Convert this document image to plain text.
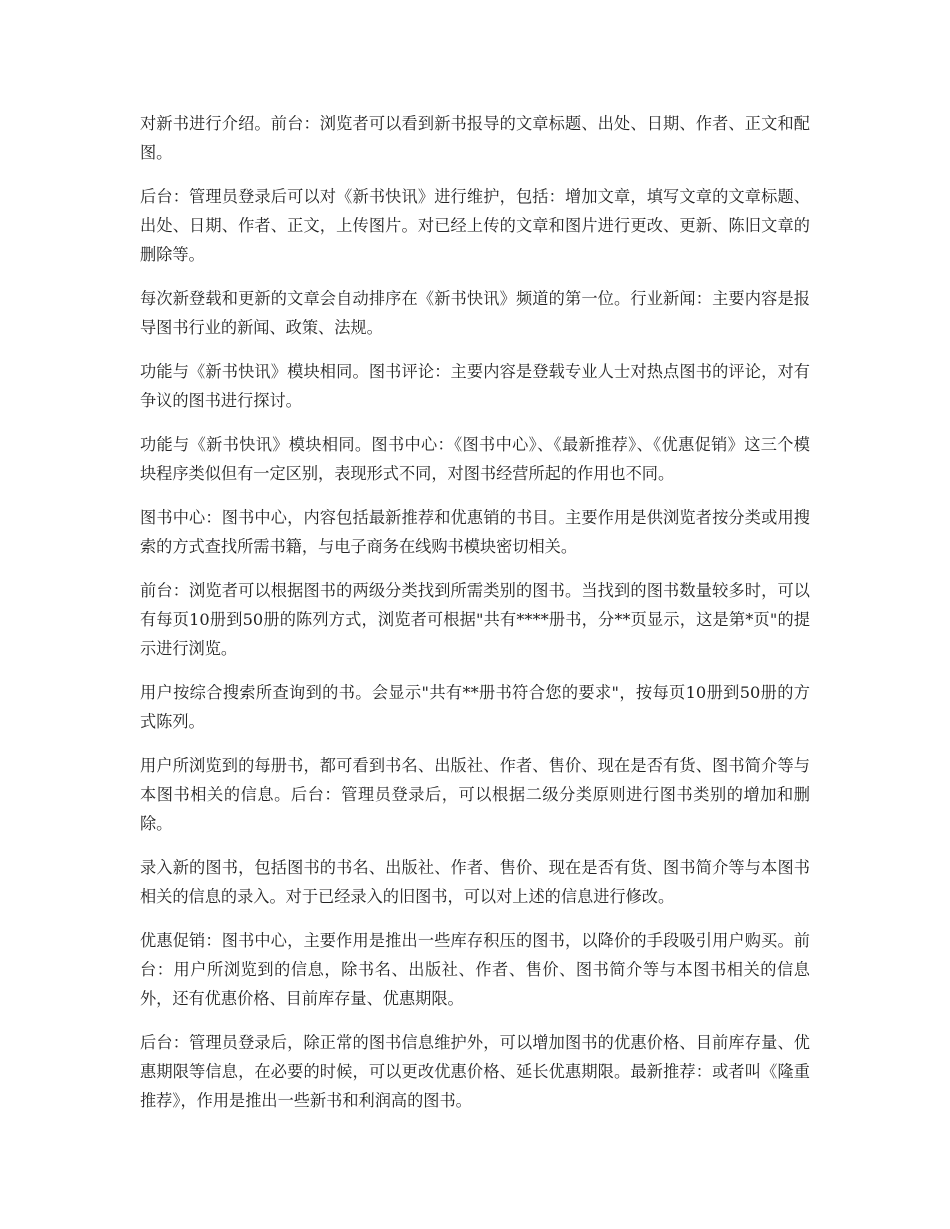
对新书进行介绍。前台：浏览者可以看到新书报导的文章标题、出处、日期、作者、正文和配图。

后台：管理员登录后可以对《新书快讯》进行维护，包括：增加文章，填写文章的文章标题、出处、日期、作者、正文，上传图片。对已经上传的文章和图片进行更改、更新、陈旧文章的删除等。

每次新登载和更新的文章会自动排序在《新书快讯》频道的第一位。行业新闻：主要内容是报导图书行业的新闻、政策、法规。

功能与《新书快讯》模块相同。图书评论：主要内容是登载专业人士对热点图书的评论，对有争议的图书进行探讨。

功能与《新书快讯》模块相同。图书中心：《图书中心》、《最新推荐》、《优惠促销》这三个模块程序类似但有一定区别，表现形式不同，对图书经营所起的作用也不同。

图书中心：图书中心，内容包括最新推荐和优惠销的书目。主要作用是供浏览者按分类或用搜索的方式查找所需书籍，与电子商务在线购书模块密切相关。

前台：浏览者可以根据图书的两级分类找到所需类别的图书。当找到的图书数量较多时，可以有每页10册到50册的陈列方式，浏览者可根据"共有****册书，分**页显示，这是第*页"的提示进行浏览。

用户按综合搜索所查询到的书。会显示"共有**册书符合您的要求"，按每页10册到50册的方式陈列。

用户所浏览到的每册书，都可看到书名、出版社、作者、售价、现在是否有货、图书简介等与本图书相关的信息。后台：管理员登录后，可以根据二级分类原则进行图书类别的增加和删除。

录入新的图书，包括图书的书名、出版社、作者、售价、现在是否有货、图书简介等与本图书相关的信息的录入。对于已经录入的旧图书，可以对上述的信息进行修改。

优惠促销：图书中心，主要作用是推出一些库存积压的图书，以降价的手段吸引用户购买。前台：用户所浏览到的信息，除书名、出版社、作者、售价、图书简介等与本图书相关的信息外，还有优惠价格、目前库存量、优惠期限。

后台：管理员登录后，除正常的图书信息维护外，可以增加图书的优惠价格、目前库存量、优惠期限等信息，在必要的时候，可以更改优惠价格、延长优惠期限。最新推荐：或者叫《隆重推荐》，作用是推出一些新书和利润高的图书。
